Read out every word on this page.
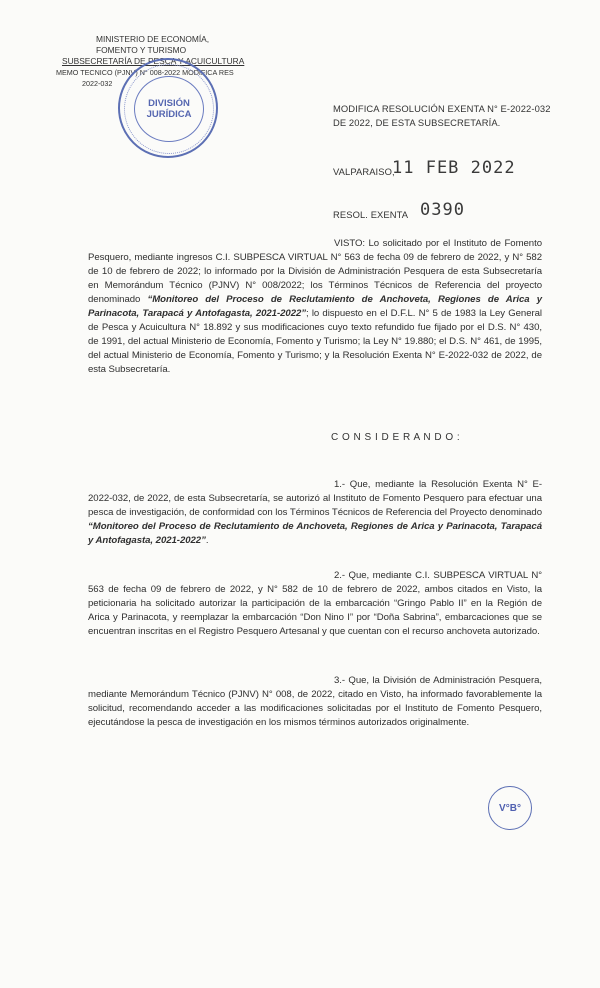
MINISTERIO DE ECONOMÍA,
FOMENTO Y TURISMO
SUBSECRETARÍA DE PESCA Y ACUICULTURA
MEMO TECNICO (PJNV) N° 008-2022 MODIFICA RES
2022-032
DIVISIÓN
JURÍDICA
MODIFICA RESOLUCIÓN EXENTA N° E-2022-032
DE 2022, DE ESTA SUBSECRETARÍA.
VALPARAISO,
11 FEB 2022
RESOL. EXENTA 0390

VISTO: Lo solicitado por el Instituto de Fomento Pesquero, mediante ingresos C.I. SUBPESCA VIRTUAL N° 563 de fecha 09 de febrero de 2022, y N° 582 de 10 de febrero de 2022; lo informado por la División de Administración Pesquera de esta Subsecretaría en Memorándum Técnico (PJNV) N° 008/2022; los Términos Técnicos de Referencia del proyecto denominado “Monitoreo del Proceso de Reclutamiento de Anchoveta, Regiones de Arica y Parinacota, Tarapacá y Antofagasta, 2021-2022”; lo dispuesto en el D.F.L. N° 5 de 1983 la Ley General de Pesca y Acuicultura N° 18.892 y sus modificaciones cuyo texto refundido fue fijado por el D.S. N° 430, de 1991, del actual Ministerio de Economía, Fomento y Turismo; la Ley N° 19.880; el D.S. N° 461, de 1995, del actual Ministerio de Economía, Fomento y Turismo; y la Resolución Exenta N° E-2022-032 de 2022, de esta Subsecretaría.

C O N S I D E R A N D O :

1.- Que, mediante la Resolución Exenta N° E-2022-032, de 2022, de esta Subsecretaría, se autorizó al Instituto de Fomento Pesquero para efectuar una pesca de investigación, de conformidad con los Términos Técnicos de Referencia del Proyecto denominado “Monitoreo del Proceso de Reclutamiento de Anchoveta, Regiones de Arica y Parinacota, Tarapacá y Antofagasta, 2021-2022”.

2.- Que, mediante C.I. SUBPESCA VIRTUAL N° 563 de fecha 09 de febrero de 2022, y N° 582 de 10 de febrero de 2022, ambos citados en Visto, la peticionaria ha solicitado autorizar la participación de la embarcación “Gringo Pablo II” en la Región de Arica y Parinacota, y reemplazar la embarcación “Don Nino I” por “Doña Sabrina”, embarcaciones que se encuentran inscritas en el Registro Pesquero Artesanal y que cuentan con el recurso anchoveta autorizado.

3.- Que, la División de Administración Pesquera, mediante Memorándum Técnico (PJNV) N° 008, de 2022, citado en Visto, ha informado favorablemente la solicitud, recomendando acceder a las modificaciones solicitadas por el Instituto de Fomento Pesquero, ejecutándose la pesca de investigación en los mismos términos autorizados originalmente.

V°B°
